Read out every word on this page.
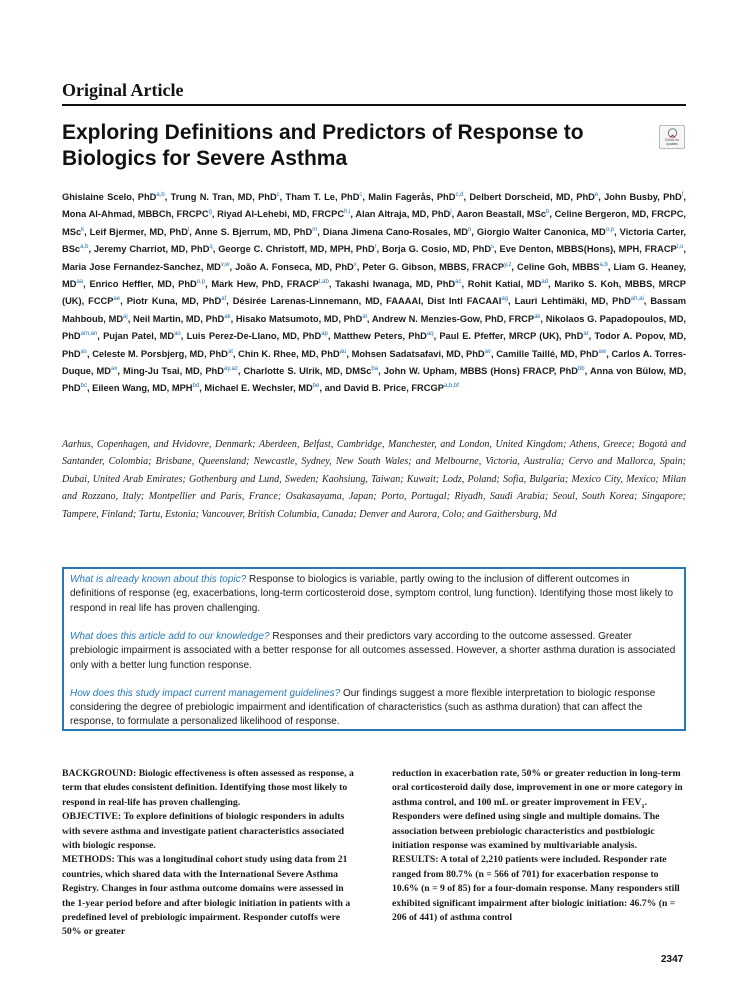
Original Article
Exploring Definitions and Predictors of Response to Biologics for Severe Asthma
Check for
updates
Ghislaine Scelo, PhD$^{a,b}$, Trung N. Tran, MD, PhD$^c$, Tham T. Le, PhD$^c$, Malin Fagerås, PhD$^{c,d}$, Delbert Dorscheid, MD, PhD$^e$, John Busby, PhD$^f$, Mona Al-Ahmad, MBBCh, FRCPC$^g$, Riyad Al-Lehebi, MD, FRCPC$^{h,i}$, Alan Altraja, MD, PhD$^j$, Aaron Beastall, MSc$^b$, Celine Bergeron, MD, FRCPC, MSc$^k$, Leif Bjermer, MD, PhD$^l$, Anne S. Bjerrum, MD, PhD$^m$, Diana Jimena Cano-Rosales, $MD^n$, Giorgio Walter Canonica, MD$^{o,p}$, Victoria Carter, BSc$^{a,b}$, Jeremy Charriot, MD, PhD$^q$, George C. Christoff, MD, MPH, PhD$^r$, Borja G. Cosio, MD, PhD$^s$, Eve Denton, MBBS(Hons), MPH, FRACP$^{t,u}$, Maria Jose Fernandez-Sanchez, MD$^{v,w}$, João A. Fonseca, MD, PhD$^x$, Peter G. Gibson, MBBS, FRACP$^{y,z}$, Celine Goh, MBBS$^{a,b}$, Liam G. Heaney, $MD^{aa}$, Enrico Heffler, MD, PhD$^{o,p}$, Mark Hew, PhD, $FRACP^{t,ab}$, Takashi Iwanaga, MD, PhD$^{ac}$, Rohit Katial, $MD^{ad}$, Mariko S. Koh, MBBS, MRCP (UK), $FCCP^{ae}$, Piotr Kuna, MD, PhD$^{af}$, Désirée Larenas-Linnemann, MD, FAAAAI, Dist Intl $FACAAI^{ag}$, Lauri Lehtimäki, MD, PhD$^{ah,ai}$, Bassam Mahboub, $MD^{aj}$, Neil Martin, MD, PhD$^{ak}$, Hisako Matsumoto, MD, PhD$^{al}$, Andrew N. Menzies-Gow, PhD, $FRCP^{ak}$, Nikolaos G. Papadopoulos, MD, PhD$^{am,an}$, Pujan Patel, $MD^{ao}$, Luis Perez-De-Llano, MD, PhD$^{ap}$, Matthew Peters, PhD$^{aq}$, Paul E. Pfeffer, MRCP (UK), PhD$^{ar}$, Todor A. Popov, MD, PhD$^{as}$, Celeste M. Porsbjerg, MD, PhD$^{at}$, Chin K. Rhee, MD, PhD$^{au}$, Mohsen Sadatsafavi, MD, PhD$^{av}$, Camille Taillé, MD, PhD$^{aw}$, Carlos A. Torres-Duque, $MD^{ax}$, Ming-Ju Tsai, MD, PhD$^{ay,az}$, Charlotte S. Ulrik, MD, DMSc$^{ba}$, John W. Upham, MBBS (Hons) FRACP, PhD$^{bb}$, Anna von Bülow, MD, PhD$^{bc}$, Eileen Wang, MD, $MPH^{bd}$, Michael E. Wechsler, $MD^{be}$, and David B. Price, $FRCGP^{a,b,bf}$
Aarhus, Copenhagen, and Hvidovre, Denmark; Aberdeen, Belfast, Cambridge, Manchester, and London, United Kingdom; Athens, Greece; Bogotá and Santander, Colombia; Brisbane, Queensland; Newcastle, Sydney, New South Wales; and Melbourne, Victoria, Australia; Cervo and Mallorca, Spain; Dubai, United Arab Emirates; Gothenburg and Lund, Sweden; Kaohsiung, Taiwan; Kuwait; Lodz, Poland; Sofia, Bulgaria; Mexico City, Mexico; Milan and Rozzano, Italy; Montpellier and Paris, France; Osakasayama, Japan; Porto, Portugal; Riyadh, Saudi Arabia; Seoul, South Korea; Singapore; Tampere, Finland; Tartu, Estonia; Vancouver, British Columbia, Canada; Denver and Aurora, Colo; and Gaithersburg, Md

What is already known about this topic? Response to biologics is variable, partly owing to the inclusion of different outcomes in definitions of response (eg, exacerbations, long-term corticosteroid dose, symptom control, lung function). Identifying those most likely to respond in real life has proven challenging.

What does this article add to our knowledge? Responses and their predictors vary according to the outcome assessed. Greater prebiologic impairment is associated with a better response for all outcomes assessed. However, a shorter asthma duration is associated only with a better lung function response.

How does this study impact current management guidelines? Our findings suggest a more flexible interpretation to biologic response considering the degree of prebiologic impairment and identification of characteristics (such as asthma duration) that can affect the response, to formulate a personalized likelihood of response.

BACKGROUND: Biologic effectiveness is often assessed as response, a term that eludes consistent definition. Identifying those most likely to respond in real-life has proven challenging.

OBJECTIVE: To explore definitions of biologic responders in adults with severe asthma and investigate patient characteristics associated with biologic response.

METHODS: This was a longitudinal cohort study using data from 21 countries, which shared data with the International Severe Asthma Registry. Changes in four asthma outcome domains were assessed in the 1-year period before and after biologic initiation in patients with a predefined level of prebiologic impairment. Responder cutoffs were 50% or greater

reduction in exacerbation rate, 50% or greater reduction in long-term oral corticosteroid daily dose, improvement in one or more category in asthma control, and 100 mL or greater improvement in $FEV_1$. Responders were defined using single and multiple domains. The association between prebiologic characteristics and postbiologic initiation response was examined by multivariable analysis.

RESULTS: A total of 2,210 patients were included. Responder rate ranged from 80.7% (n = 566 of 701) for exacerbation response to 10.6% (n = 9 of 85) for a four-domain response. Many responders still exhibited significant impairment after biologic initiation: 46.7% (n = 206 of 441) of asthma control

2347
